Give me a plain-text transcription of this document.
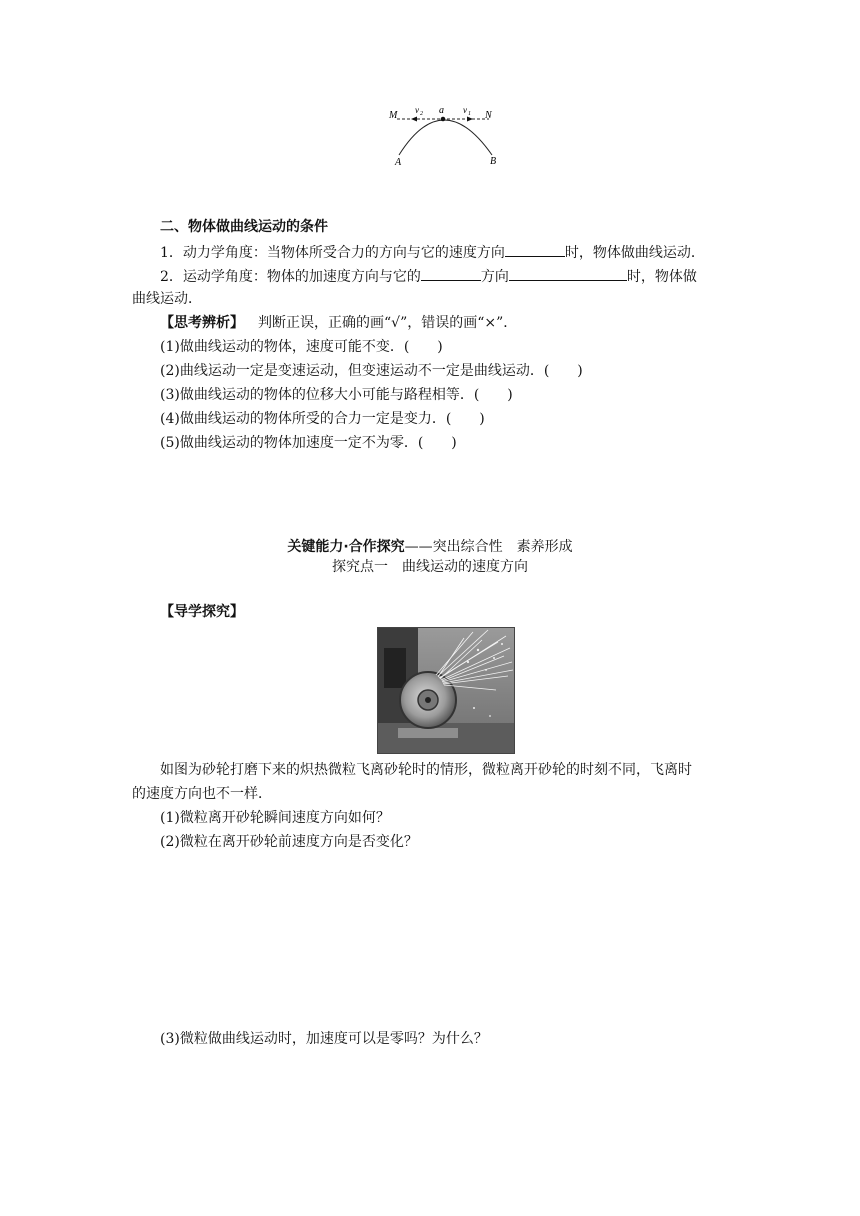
M v 2 a v 1 N
A	B
二、物体做曲线运动的条件
1．动力学角度：当物体所受合力的方向与它的速度方向	时，物体做曲线运动．
2．运动学角度：物体的加速度方向与它的	方向	时，物体做
曲线运动．
【思考辨析】 判断正误，正确的画“√”，错误的画“×”．
(1)做曲线运动的物体，速度可能不变．(　　)
(2)曲线运动一定是变速运动，但变速运动不一定是曲线运动．(　　)
(3)做曲线运动的物体的位移大小可能与路程相等．(　　)
(4)做曲线运动的物体所受的合力一定是变力．(　　)
(5)做曲线运动的物体加速度一定不为零．(　　)
关键能力·合作探究——突出综合性　素养形成
探究点一　曲线运动的速度方向
【导学探究】
如图为砂轮打磨下来的炽热微粒飞离砂轮时的情形，微粒离开砂轮的时刻不同，飞离时
的速度方向也不一样．
(1)微粒离开砂轮瞬间速度方向如何？
(2)微粒在离开砂轮前速度方向是否变化？
(3)微粒做曲线运动时，加速度可以是零吗？为什么？
